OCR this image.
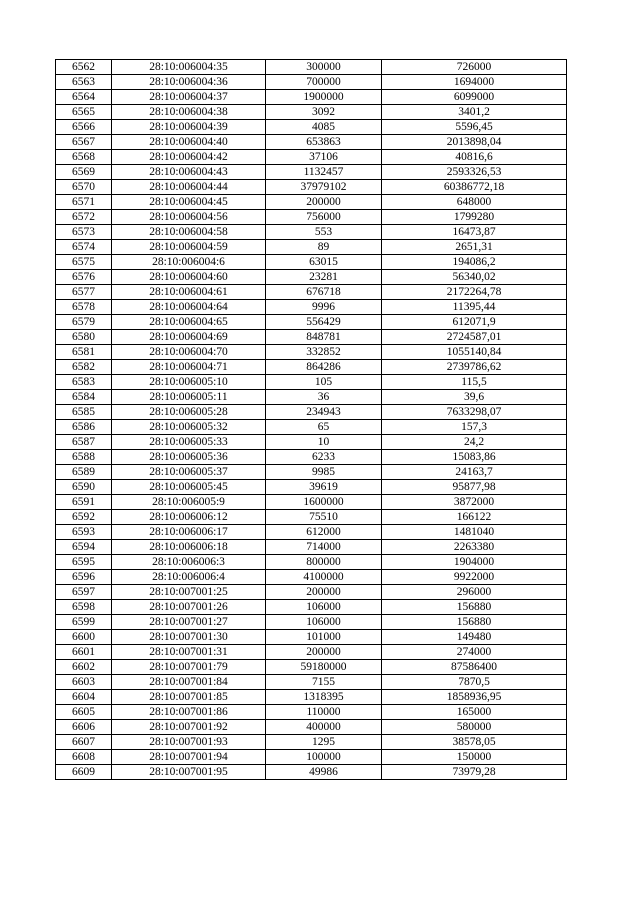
6562	28:10:006004:35	300000	726000
6563	28:10:006004:36	700000	1694000
6564	28:10:006004:37	1900000	6099000
6565	28:10:006004:38	3092	3401,2
6566	28:10:006004:39	4085	5596,45
6567	28:10:006004:40	653863	2013898,04
6568	28:10:006004:42	37106	40816,6
6569	28:10:006004:43	1132457	2593326,53
6570	28:10:006004:44	37979102	60386772,18
6571	28:10:006004:45	200000	648000
6572	28:10:006004:56	756000	1799280
6573	28:10:006004:58	553	16473,87
6574	28:10:006004:59	89	2651,31
6575	28:10:006004:6	63015	194086,2
6576	28:10:006004:60	23281	56340,02
6577	28:10:006004:61	676718	2172264,78
6578	28:10:006004:64	9996	11395,44
6579	28:10:006004:65	556429	612071,9
6580	28:10:006004:69	848781	2724587,01
6581	28:10:006004:70	332852	1055140,84
6582	28:10:006004:71	864286	2739786,62
6583	28:10:006005:10	105	115,5
6584	28:10:006005:11	36	39,6
6585	28:10:006005:28	234943	7633298,07
6586	28:10:006005:32	65	157,3
6587	28:10:006005:33	10	24,2
6588	28:10:006005:36	6233	15083,86
6589	28:10:006005:37	9985	24163,7
6590	28:10:006005:45	39619	95877,98
6591	28:10:006005:9	1600000	3872000
6592	28:10:006006:12	75510	166122
6593	28:10:006006:17	612000	1481040
6594	28:10:006006:18	714000	2263380
6595	28:10:006006:3	800000	1904000
6596	28:10:006006:4	4100000	9922000
6597	28:10:007001:25	200000	296000
6598	28:10:007001:26	106000	156880
6599	28:10:007001:27	106000	156880
6600	28:10:007001:30	101000	149480
6601	28:10:007001:31	200000	274000
6602	28:10:007001:79	59180000	87586400
6603	28:10:007001:84	7155	7870,5
6604	28:10:007001:85	1318395	1858936,95
6605	28:10:007001:86	110000	165000
6606	28:10:007001:92	400000	580000
6607	28:10:007001:93	1295	38578,05
6608	28:10:007001:94	100000	150000
6609	28:10:007001:95	49986	73979,28
